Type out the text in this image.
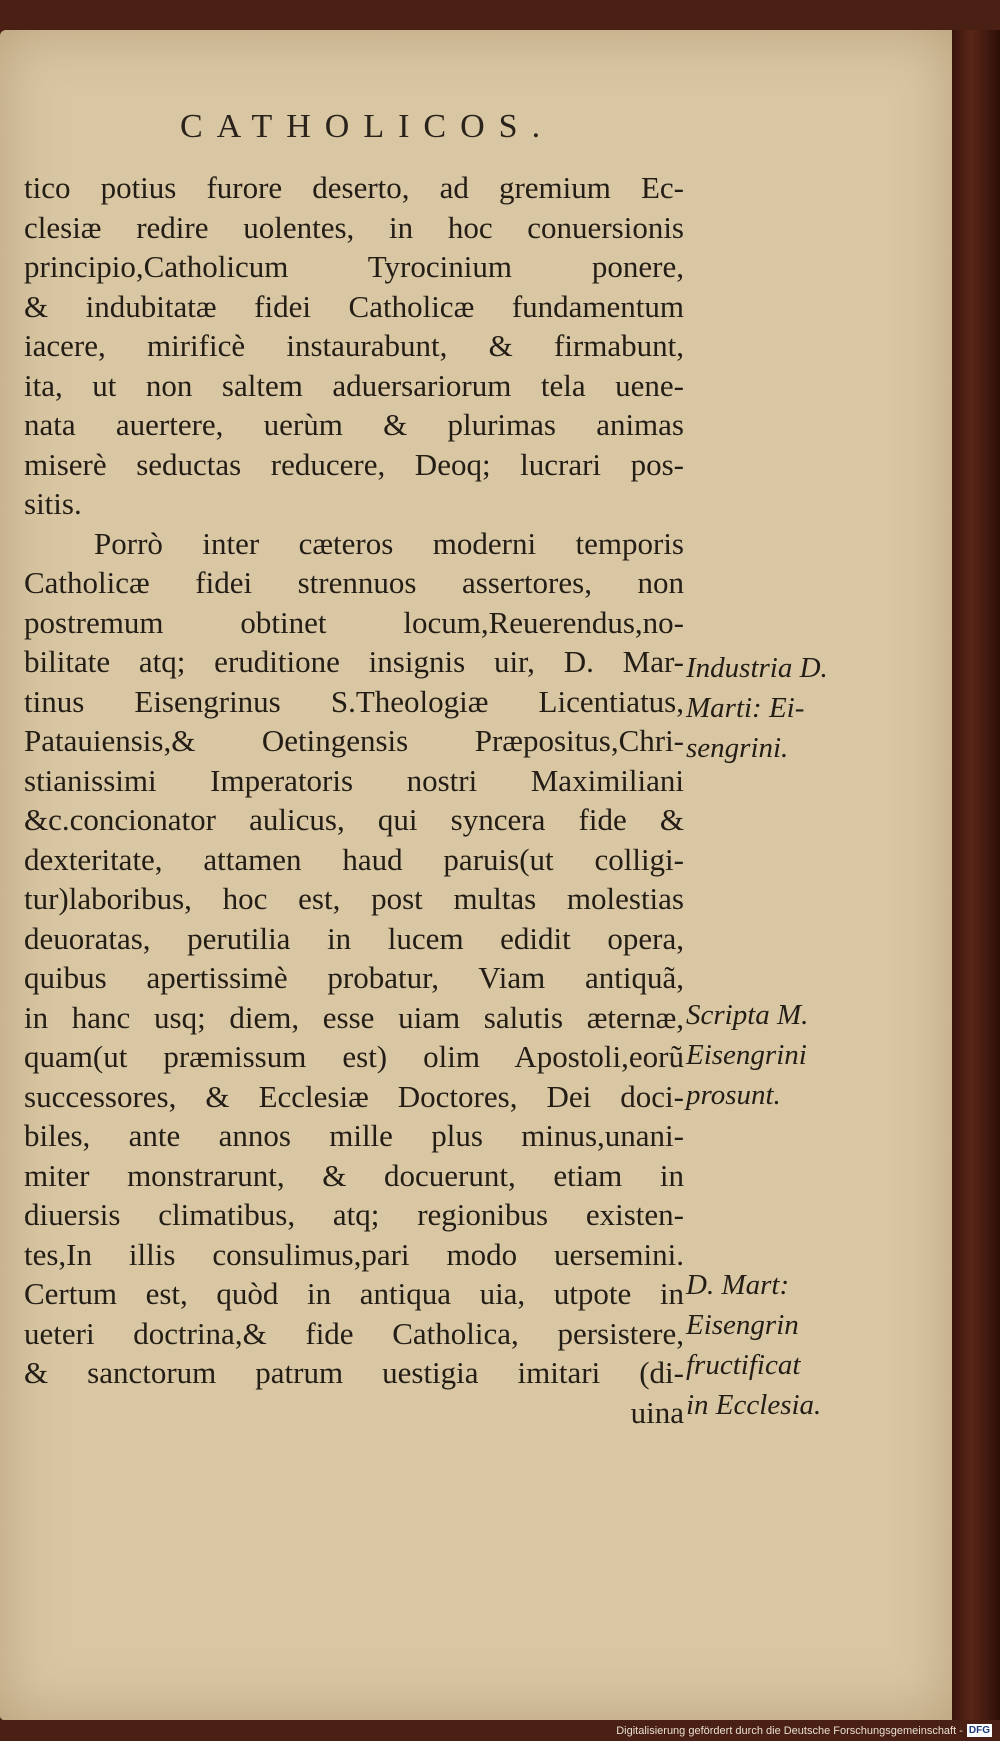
CATHOLICOS.
tico potius furore deserto, ad gremium Ec-
clesiæ redire uolentes, in hoc conuersionis
principio,Catholicum Tyrocinium ponere,
& indubitatæ fidei Catholicæ fundamentum
iacere, mirificè instaurabunt, & firmabunt,
ita, ut non saltem aduersariorum tela uene-
nata auertere, uerùm & plurimas animas
miserè seductas reducere, Deoq; lucrari pos-
sitis.
Porrò inter cæteros moderni temporis
Catholicæ fidei strennuos assertores, non
postremum obtinet locum,Reuerendus,no-
bilitate atq; eruditione insignis uir, D. Mar-
tinus Eisengrinus S.Theologiæ Licentiatus,
Patauiensis,& Oetingensis Præpositus,Chri-
stianissimi Imperatoris nostri Maximiliani
&c.concionator aulicus, qui syncera fide &
dexteritate, attamen haud paruis(ut colligi-
tur)laboribus, hoc est, post multas molestias
deuoratas, perutilia in lucem edidit opera,
quibus apertissimè probatur, Viam antiquã,
in hanc usq; diem, esse uiam salutis æternæ,
quam(ut præmissum est) olim Apostoli,eorũ
successores, & Ecclesiæ Doctores, Dei doci-
biles, ante annos mille plus minus,unani-
miter monstrarunt, & docuerunt, etiam in
diuersis climatibus, atq; regionibus existen-
tes,In illis consulimus,pari modo uersemini.
Certum est, quòd in antiqua uia, utpote in
ueteri doctrina,& fide Catholica, persistere,
& sanctorum patrum uestigia imitari (di-
uina
Industria D.
Marti: Ei-
sengrini.
Scripta M.
Eisengrini
prosunt.
D. Mart:
Eisengrin
fructificat
in Ecclesia.
Digitalisierung gefördert durch die Deutsche Forschungsgemeinschaft - DFG
